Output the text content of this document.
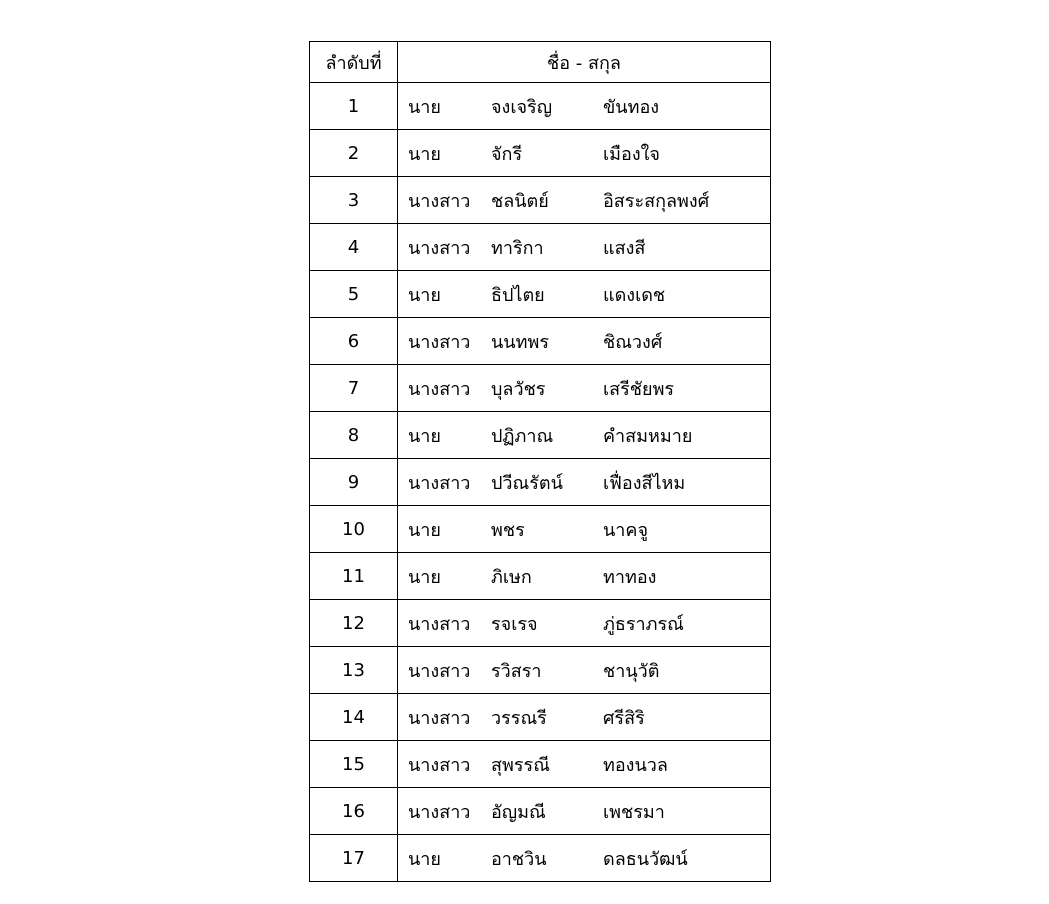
ลำดับที่	ชื่อ - สกุล
1	นาย จงเจริญ ขันทอง

2	นาย จักรี เมืองใจ

3	นางสาว ชลนิตย์ อิสระสกุลพงศ์

4	นางสาว ทาริกา แสงสี

5	นาย ธิปไตย แดงเดช

6	นางสาว นนทพร ชิณวงศ์

7	นางสาว บุลวัชร เสรีชัยพร

8	นาย ปฏิภาณ คำสมหมาย

9	นางสาว ปวีณรัตน์ เฟื่องสีไหม

10	นาย พชร นาคจู

11	นาย ภิเษก ทาทอง

12	นางสาว รจเรจ ภู่ธราภรณ์

13	นางสาว รวิสรา ชานุวัติ

14	นางสาว วรรณรี ศรีสิริ

15	นางสาว สุพรรณี ทองนวล

16	นางสาว อัญมณี เพชรมา

17	นาย อาชวิน ดลธนวัฒน์
